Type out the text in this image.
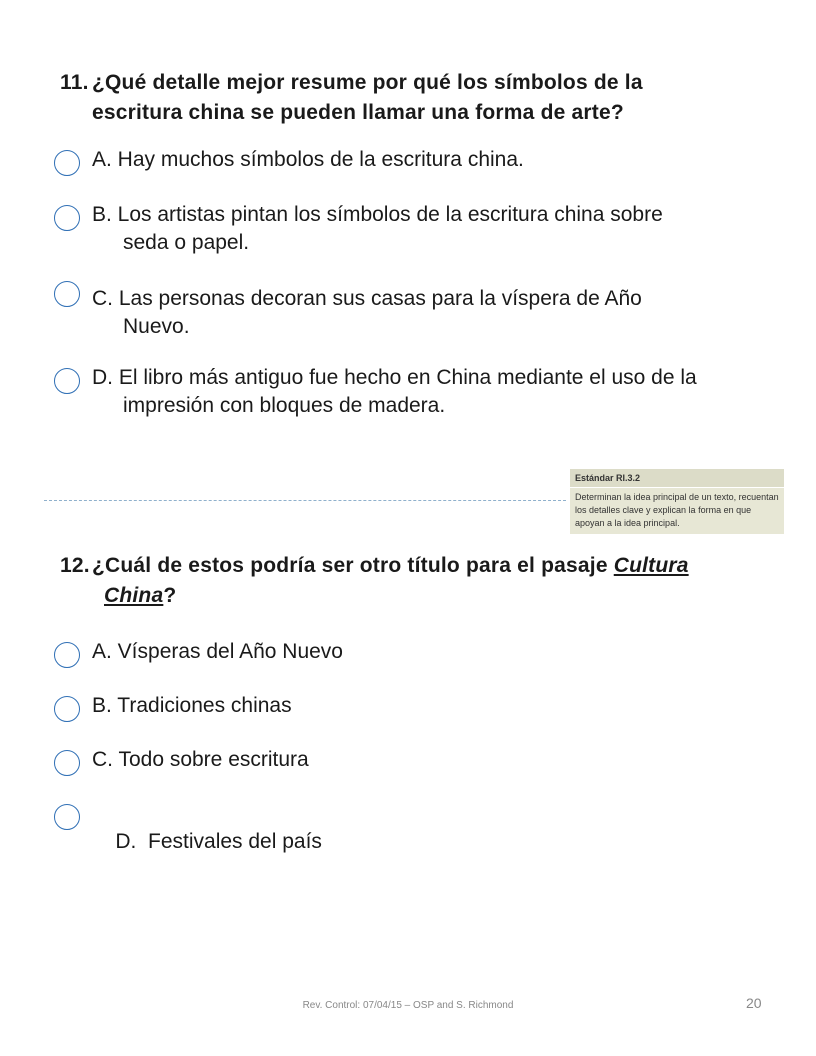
11. ¿Qué detalle mejor resume por qué los símbolos de la
escritura china se pueden llamar una forma de arte?
A. Hay muchos símbolos de la escritura china.
B. Los artistas pintan los símbolos de la escritura china sobre
seda o papel.
C. Las personas decoran sus casas para la víspera de Año
Nuevo.
D. El libro más antiguo fue hecho en China mediante el uso de la
impresión con bloques de madera.
Estándar RI.3.2
Determinan la idea principal de un texto, recuentan los detalles clave y explican la forma en que apoyan a la idea principal.
12. ¿Cuál de estos podría ser otro título para el pasaje Cultura
China?
A. Vísperas del Año Nuevo
B. Tradiciones chinas
C. Todo sobre escritura

D.  Festivales del país

Rev. Control: 07/04/15 – OSP and S. Richmond	20
